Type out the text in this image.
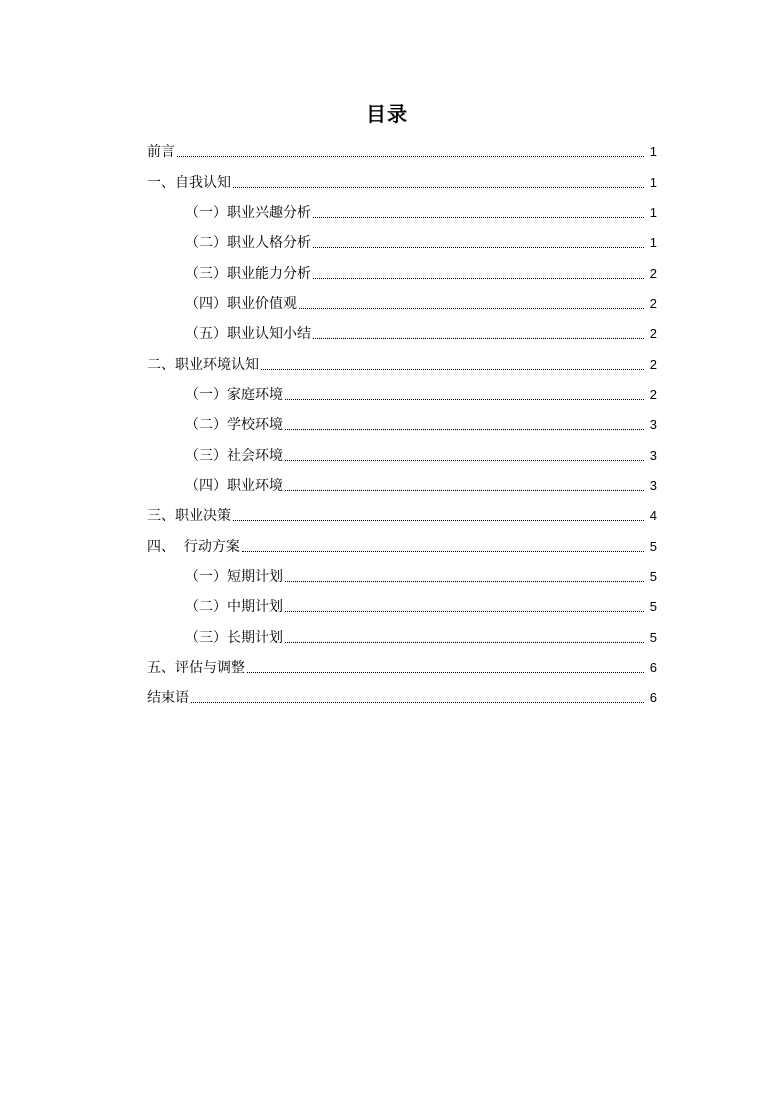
目录
前言	1
一、自我认知	1
（一）职业兴趣分析	1
（二）职业人格分析	1
（三）职业能力分析	2
（四）职业价值观	2
（五）职业认知小结	2
二、职业环境认知	2
（一）家庭环境	2
（二）学校环境	3
（三）社会环境	3
（四）职业环境	3
三、职业决策	4
四、  行动方案	5
（一）短期计划	5
（二）中期计划	5
（三）长期计划	5
五、评估与调整	6
结束语	6
